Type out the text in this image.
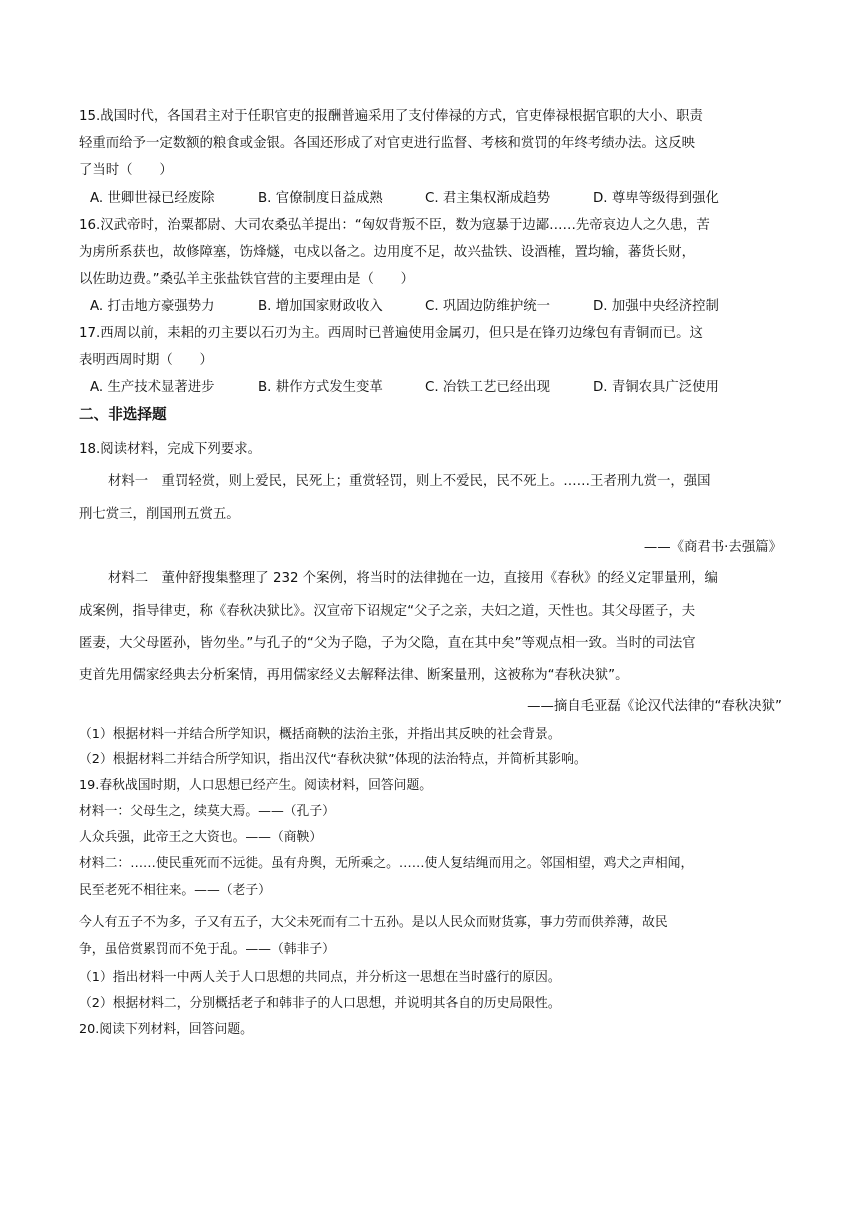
15.战国时代，各国君主对于任职官吏的报酬普遍采用了支付俸禄的方式，官吏俸禄根据官职的大小、职责
轻重而给予一定数额的粮食或金银。各国还形成了对官吏进行监督、考核和赏罚的年终考绩办法。这反映
了当时（　　）
A. 世卿世禄已经废除	B. 官僚制度日益成熟	C. 君主集权渐成趋势	D. 尊卑等级得到强化
16.汉武帝时，治粟都尉、大司农桑弘羊提出：“匈奴背叛不臣，数为寇暴于边鄙……先帝哀边人之久患，苦
为虏所系获也，故修障塞，饬烽燧，屯戍以备之。边用度不足，故兴盐铁、设酒榷，置均输，蕃货长财，
以佐助边费。”桑弘羊主张盐铁官营的主要理由是（　　）
A. 打击地方豪强势力	B. 增加国家财政收入	C. 巩固边防维护统一	D. 加强中央经济控制
17.西周以前，耒耜的刃主要以石刃为主。西周时已普遍使用金属刃，但只是在锋刃边缘包有青铜而已。这
表明西周时期（　　）
A. 生产技术显著进步	B. 耕作方式发生变革	C. 冶铁工艺已经出现	D. 青铜农具广泛使用
二、非选择题
18.阅读材料，完成下列要求。
材料一　重罚轻赏，则上爱民，民死上；重赏轻罚，则上不爱民，民不死上。……王者刑九赏一，强国
刑七赏三，削国刑五赏五。
——《商君书·去强篇》
材料二　董仲舒搜集整理了 232 个案例，将当时的法律抛在一边，直接用《春秋》的经义定罪量刑，编
成案例，指导律吏，称《春秋决狱比》。汉宣帝下诏规定“父子之亲，夫妇之道，天性也。其父母匿子，夫
匿妻，大父母匿孙，皆勿坐。”与孔子的“父为子隐，子为父隐，直在其中矣”等观点相一致。当时的司法官
吏首先用儒家经典去分析案情，再用儒家经义去解释法律、断案量刑，这被称为“春秋决狱”。
——摘自毛亚磊《论汉代法律的“春秋决狱”
（1）根据材料一并结合所学知识，概括商鞅的法治主张，并指出其反映的社会背景。
（2）根据材料二并结合所学知识，指出汉代“春秋决狱”体现的法治特点，并简析其影响。
19.春秋战国时期，人口思想已经产生。阅读材料，回答问题。
材料一：父母生之，续莫大焉。——（孔子）
人众兵强，此帝王之大资也。——（商鞅）
材料二：……使民重死而不远徙。虽有舟舆，无所乘之。……使人复结绳而用之。邻国相望，鸡犬之声相闻，
民至老死不相往来。——（老子）
今人有五子不为多，子又有五子，大父未死而有二十五孙。是以人民众而财货寡，事力劳而供养薄，故民
争，虽倍赏累罚而不免于乱。——（韩非子）
（1）指出材料一中两人关于人口思想的共同点，并分析这一思想在当时盛行的原因。
（2）根据材料二，分别概括老子和韩非子的人口思想，并说明其各自的历史局限性。
20.阅读下列材料，回答问题。
